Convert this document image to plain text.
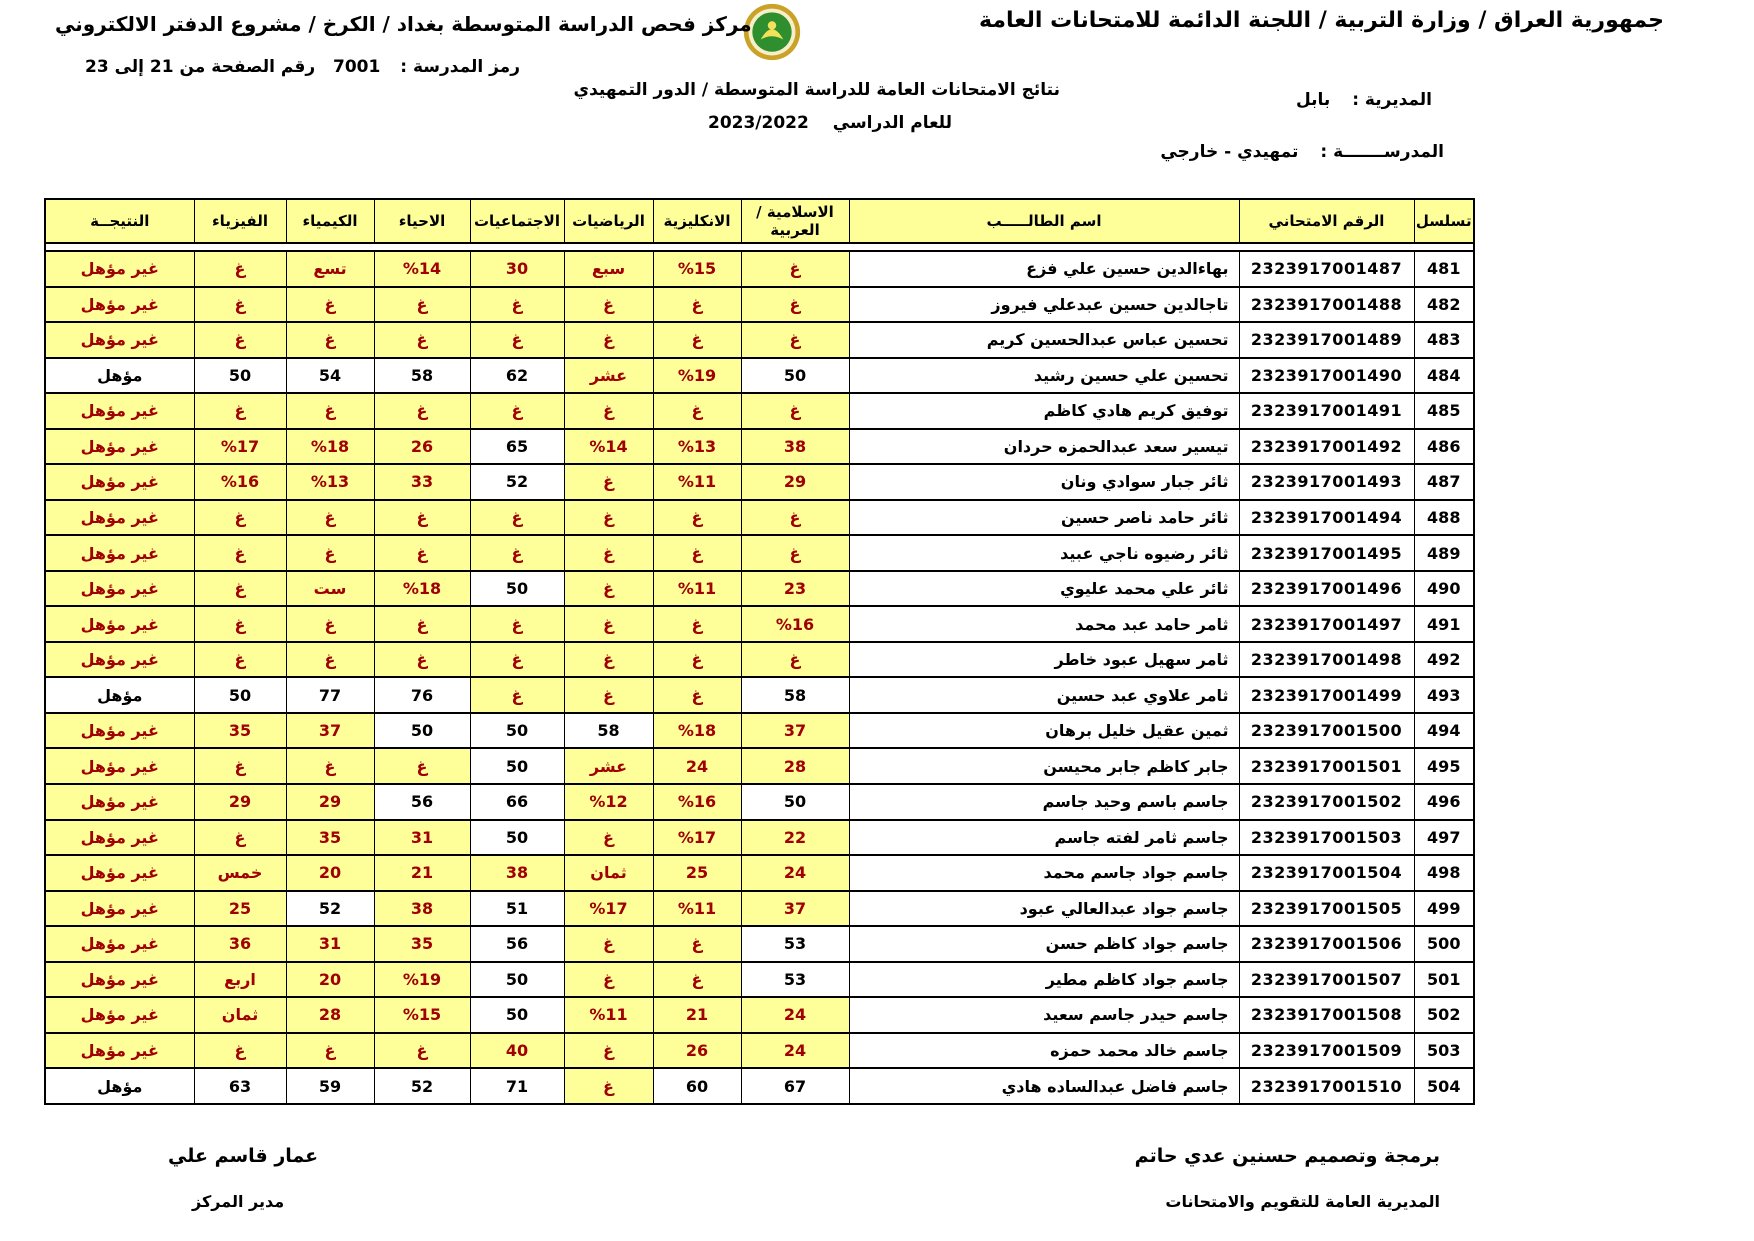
جمهورية العراق / وزارة التربية / اللجنة الدائمة للامتحانات العامة
مركز فحص الدراسة المتوسطة بغداد / الكرخ / مشروع الدفتر الالكتروني
رمز المدرسة : 7001
رقم الصفحة من 21 إلى 23
نتائج الامتحانات العامة للدراسة المتوسطة / الدور التمهيدي
للعام الدراسي 2023/2022
المديرية : بابل
المدرســـــــة : تمهيدي - خارجي
تسلسل	الرقم الامتحاني	اسم الطالـــــب	الاسلامية / العربية	الانكليزية	الرياضيات	الاجتماعيات	الاحياء	الكيمياء	الفيزياء	النتيجــة

481	2323917001487	بهاءالدين حسين علي فزع	غ	%15	سبع	30	%14	تسع	غ	غير مؤهل
482	2323917001488	تاجالدين حسين عبدعلي فيروز	غ	غ	غ	غ	غ	غ	غ	غير مؤهل
483	2323917001489	تحسين عباس عبدالحسين كريم	غ	غ	غ	غ	غ	غ	غ	غير مؤهل
484	2323917001490	تحسين علي حسين رشيد	50	%19	عشر	62	58	54	50	مؤهل
485	2323917001491	توفيق كريم هادي كاظم	غ	غ	غ	غ	غ	غ	غ	غير مؤهل
486	2323917001492	تيسير سعد عبدالحمزه حردان	38	%13	%14	65	26	%18	%17	غير مؤهل
487	2323917001493	ثائر جبار سوادي ونان	29	%11	غ	52	33	%13	%16	غير مؤهل
488	2323917001494	ثائر حامد ناصر حسين	غ	غ	غ	غ	غ	غ	غ	غير مؤهل
489	2323917001495	ثائر رضيوه ناجي عبيد	غ	غ	غ	غ	غ	غ	غ	غير مؤهل
490	2323917001496	ثائر علي محمد عليوي	23	%11	غ	50	%18	ست	غ	غير مؤهل
491	2323917001497	ثامر حامد عبد محمد	%16	غ	غ	غ	غ	غ	غ	غير مؤهل
492	2323917001498	ثامر سهيل عبود خاطر	غ	غ	غ	غ	غ	غ	غ	غير مؤهل
493	2323917001499	ثامر علاوي عبد حسين	58	غ	غ	غ	76	77	50	مؤهل
494	2323917001500	ثمين عقيل خليل برهان	37	%18	58	50	50	37	35	غير مؤهل
495	2323917001501	جابر كاظم جابر محيسن	28	24	عشر	50	غ	غ	غ	غير مؤهل
496	2323917001502	جاسم باسم وحيد جاسم	50	%16	%12	66	56	29	29	غير مؤهل
497	2323917001503	جاسم ثامر لفته جاسم	22	%17	غ	50	31	35	غ	غير مؤهل
498	2323917001504	جاسم جواد جاسم محمد	24	25	ثمان	38	21	20	خمس	غير مؤهل
499	2323917001505	جاسم جواد عبدالعالي عبود	37	%11	%17	51	38	52	25	غير مؤهل
500	2323917001506	جاسم جواد كاظم حسن	53	غ	غ	56	35	31	36	غير مؤهل
501	2323917001507	جاسم جواد كاظم مطير	53	غ	غ	50	%19	20	اربع	غير مؤهل
502	2323917001508	جاسم حيدر جاسم سعيد	24	21	%11	50	%15	28	ثمان	غير مؤهل
503	2323917001509	جاسم خالد محمد حمزه	24	26	غ	40	غ	غ	غ	غير مؤهل
504	2323917001510	جاسم فاضل عبدالساده هادي	67	60	غ	71	52	59	63	مؤهل
برمجة وتصميم حسنين عدي حاتم
المديرية العامة للتقويم والامتحانات
عمار قاسم علي
مدير المركز
